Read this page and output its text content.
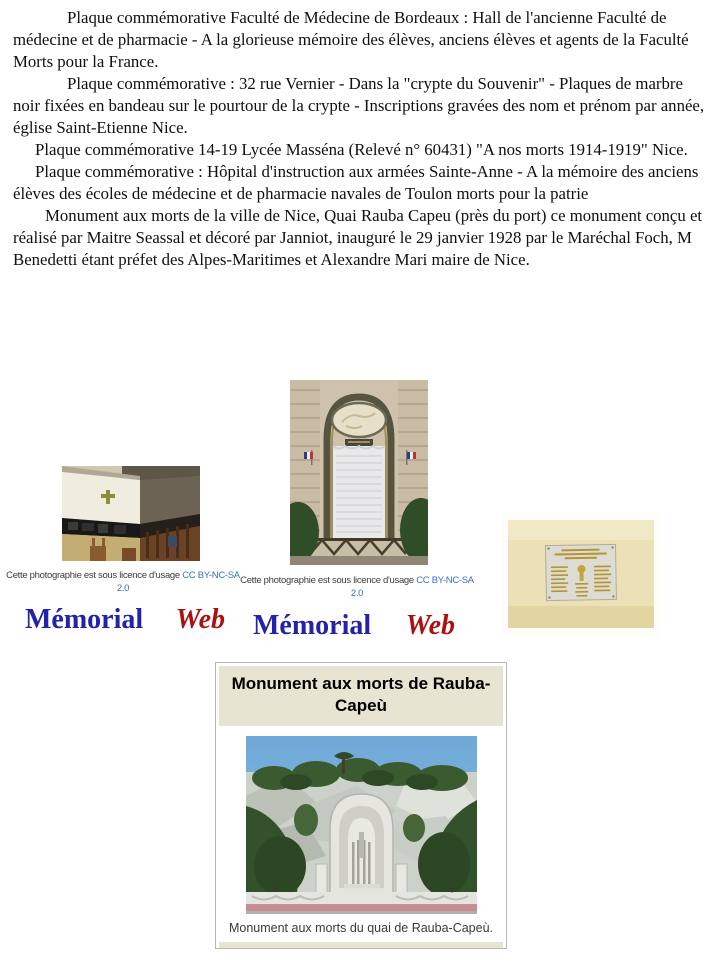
Plaque commémorative Faculté de Médecine de Bordeaux : Hall de l'ancienne Faculté de médecine et de pharmacie - A la glorieuse mémoire des élèves, anciens élèves et agents de la Faculté Morts pour la France.

Plaque commémorative : 32 rue Vernier - Dans la "crypte du Souvenir" - Plaques de marbre noir fixées en bandeau sur le pourtour de la crypte - Inscriptions gravées des nom et prénom par année, église Saint-Etienne Nice.

Plaque commémorative 14-19 Lycée Masséna (Relevé n° 60431) "A nos morts 1914-1919" Nice.

Plaque commémorative : Hôpital d'instruction aux armées Sainte-Anne - A la mémoire des anciens élèves des écoles de médecine et de pharmacie navales de Toulon morts pour la patrie

Monument aux morts de la ville de Nice, Quai Rauba Capeu (près du port) ce monument conçu et réalisé par Maitre Seassal et décoré par Janniot, inauguré le 29 janvier 1928 par le Maréchal Foch, M Benedetti étant préfet des Alpes-Maritimes et Alexandre Mari maire de Nice.

Cette photographie est sous licence d'usage CC BY-NC-SA
2.0
Mémorial Web
Cette photographie est sous licence d'usage CC BY-NC-SA
2.0
Mémorial Web
Monument aux morts de Rauba-Capeù
Monument aux morts du quai de Rauba-Capeù.
